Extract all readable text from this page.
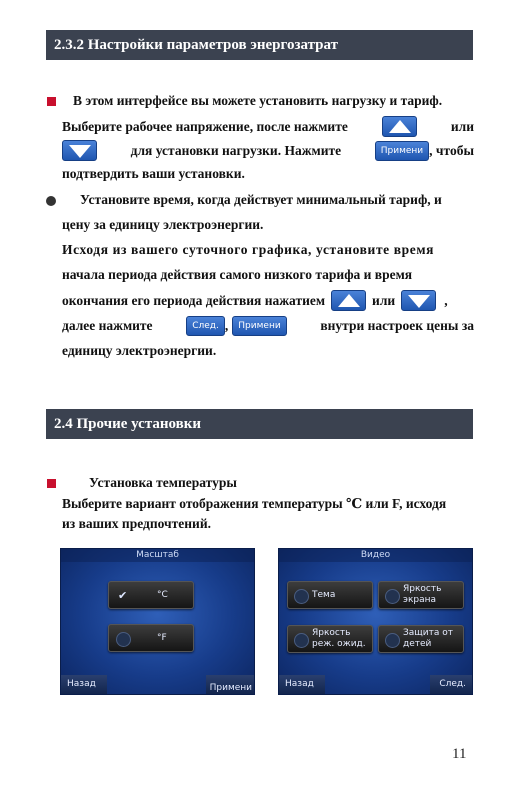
2.3.2 Настройки параметров энергозатрат
В этом интерфейсе вы можете установить нагрузку и тариф.
Выберите рабочее напряжение, после нажмите	или
для установки нагрузки. Нажмите	Примени , чтобы
подтвердить ваши установки.
Установите время, когда действует минимальный тариф, и
цену за единицу электроэнергии.
Исходя из вашего суточного графика, установите время
начала периода действия самого низкого тарифа и время
окончания его периода действия нажатием	или	,
далее нажмите	След. ,	Примени	внутри настроек цены за
единицу электроэнергии.
2.4 Прочие установки
Установка температуры
Выберите вариант отображения температуры ℃ или F, исходя
из ваших предпочтений.
Масштаб
✔	°C
°F
Назад	Примени
Видео
Тема
Яркость экрана
Яркость реж. ожид.
Защита от детей
Назад	След.
11
